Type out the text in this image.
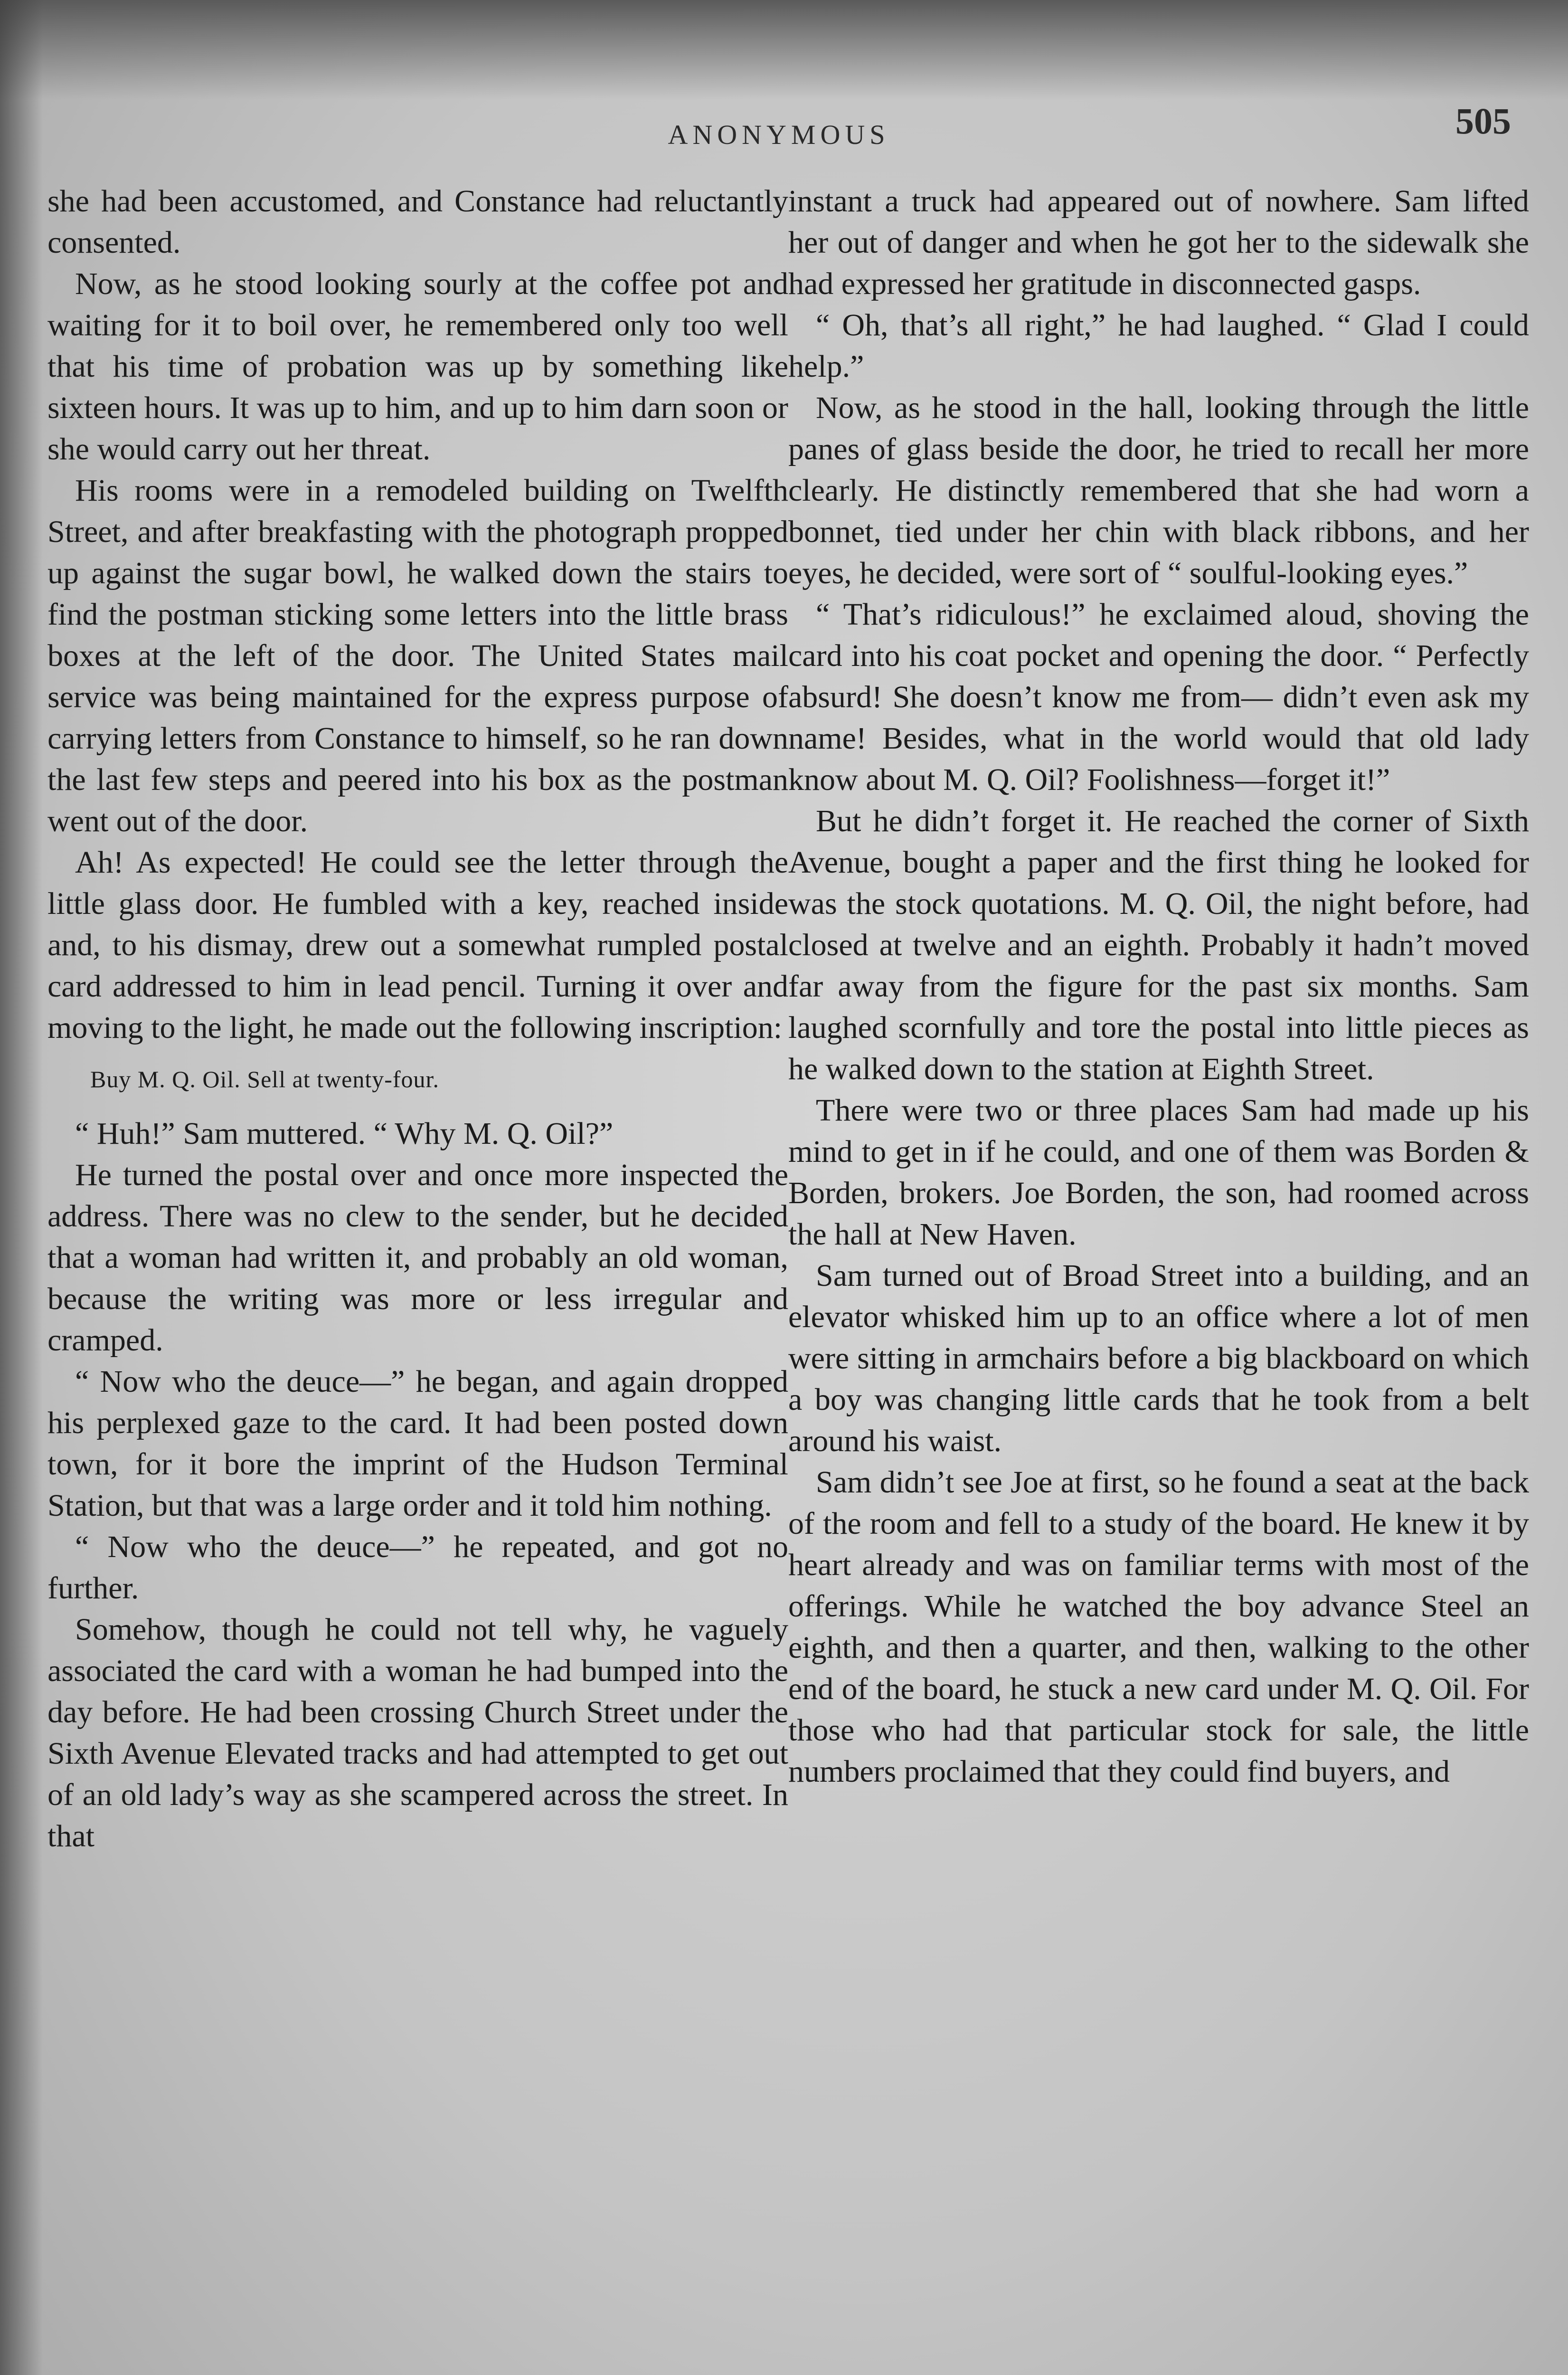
ANONYMOUS	505

she had been accustomed, and Constance had reluctantly consented.

Now, as he stood looking sourly at the coffee pot and waiting for it to boil over, he remembered only too well that his time of probation was up by something like sixteen hours. It was up to him, and up to him darn soon or she would carry out her threat.

His rooms were in a remodeled building on Twelfth Street, and after breakfasting with the photograph propped up against the sugar bowl, he walked down the stairs to find the postman sticking some letters into the little brass boxes at the left of the door. The United States mail service was being maintained for the express purpose of carrying letters from Constance to himself, so he ran down the last few steps and peered into his box as the postman went out of the door.

Ah! As expected! He could see the letter through the little glass door. He fumbled with a key, reached inside and, to his dismay, drew out a somewhat rumpled postal card addressed to him in lead pencil. Turning it over and moving to the light, he made out the following inscription:

Buy M. Q. Oil. Sell at twenty-four.

“ Huh!” Sam muttered. “ Why M. Q. Oil?”

He turned the postal over and once more inspected the address. There was no clew to the sender, but he decided that a woman had written it, and probably an old woman, because the writing was more or less irregular and cramped.

“ Now who the deuce—” he began, and again dropped his perplexed gaze to the card. It had been posted down town, for it bore the imprint of the Hudson Terminal Station, but that was a large order and it told him nothing.

“ Now who the deuce—” he repeated, and got no further.

Somehow, though he could not tell why, he vaguely associated the card with a woman he had bumped into the day before. He had been crossing Church Street under the Sixth Avenue Elevated tracks and had attempted to get out of an old lady’s way as she scampered across the street. In that

instant a truck had appeared out of nowhere. Sam lifted her out of danger and when he got her to the sidewalk she had expressed her gratitude in disconnected gasps.

“ Oh, that’s all right,” he had laughed. “ Glad I could help.”

Now, as he stood in the hall, looking through the little panes of glass beside the door, he tried to recall her more clearly. He distinctly remembered that she had worn a bonnet, tied under her chin with black ribbons, and her eyes, he decided, were sort of “ soulful-looking eyes.”

“ That’s ridiculous!” he exclaimed aloud, shoving the card into his coat pocket and opening the door. “ Perfectly absurd! She doesn’t know me from— didn’t even ask my name! Besides, what in the world would that old lady know about M. Q. Oil? Foolishness—forget it!”

But he didn’t forget it. He reached the corner of Sixth Avenue, bought a paper and the first thing he looked for was the stock quotations. M. Q. Oil, the night before, had closed at twelve and an eighth. Probably it hadn’t moved far away from the figure for the past six months. Sam laughed scornfully and tore the postal into little pieces as he walked down to the station at Eighth Street.

There were two or three places Sam had made up his mind to get in if he could, and one of them was Borden & Borden, brokers. Joe Borden, the son, had roomed across the hall at New Haven.

Sam turned out of Broad Street into a building, and an elevator whisked him up to an office where a lot of men were sitting in armchairs before a big blackboard on which a boy was changing little cards that he took from a belt around his waist.

Sam didn’t see Joe at first, so he found a seat at the back of the room and fell to a study of the board. He knew it by heart already and was on familiar terms with most of the offerings. While he watched the boy advance Steel an eighth, and then a quarter, and then, walking to the other end of the board, he stuck a new card under M. Q. Oil. For those who had that particular stock for sale, the little numbers proclaimed that they could find buyers, and
